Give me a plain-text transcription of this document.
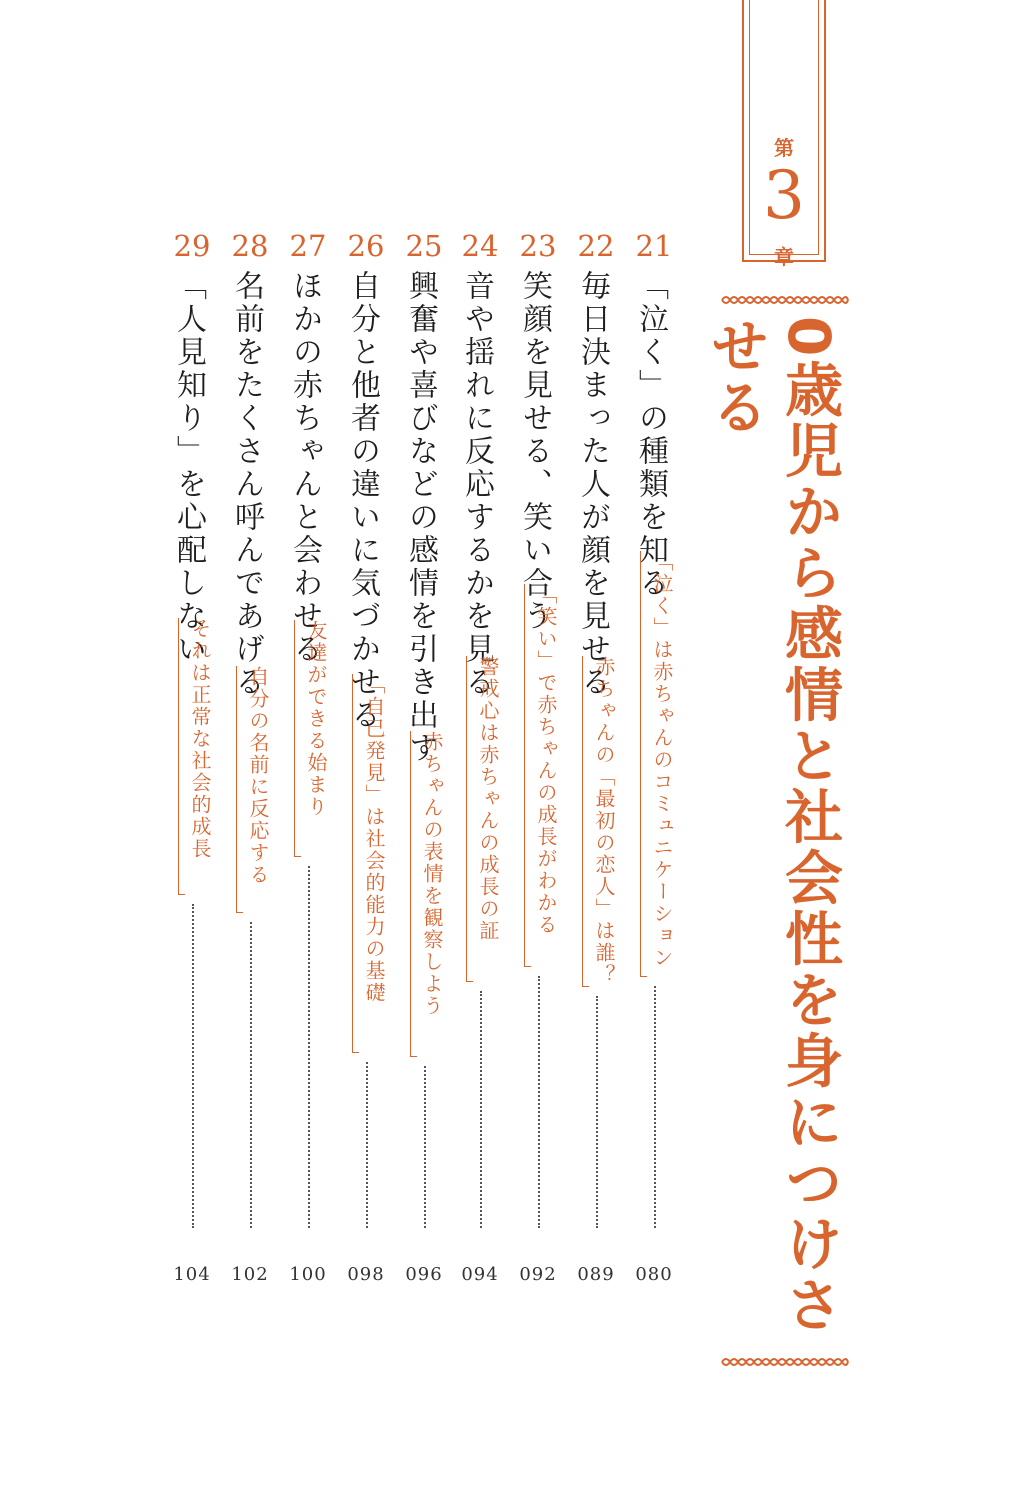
第
3
章
0歳児から感情と社会性を身につけさせる
21
「泣く」の種類を知る
「泣く」は赤ちゃんのコミュニケーション
080
22
毎日決まった人が顔を見せる
赤ちゃんの「最初の恋人」は誰？
089
23
笑顔を見せる、笑い合う
「笑い」で赤ちゃんの成長がわかる
092
24
音や揺れに反応するかを見る
警戒心は赤ちゃんの成長の証
094
25
興奮や喜びなどの感情を引き出す
赤ちゃんの表情を観察しよう
096
26
自分と他者の違いに気づかせる
「自己発見」は社会的能力の基礎
098
27
ほかの赤ちゃんと会わせる
友達ができる始まり
100
28
名前をたくさん呼んであげる
自分の名前に反応する
102
29
「人見知り」を心配しない
それは正常な社会的成長
104
